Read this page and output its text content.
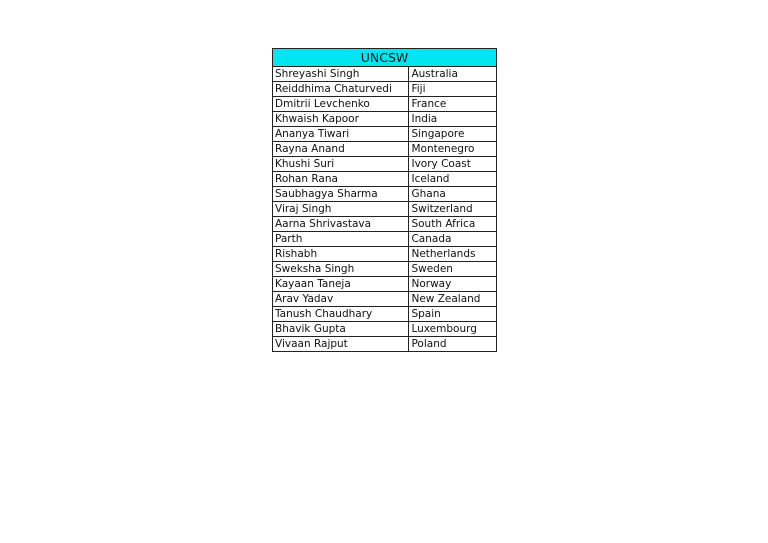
UNCSW	
Shreyashi Singh	Australia
Reiddhima Chaturvedi	Fiji
Dmitrii Levchenko	France
Khwaish Kapoor	India
Ananya Tiwari	Singapore
Rayna Anand	Montenegro
Khushi Suri	Ivory Coast
Rohan Rana	Iceland
Saubhagya Sharma	Ghana
Viraj Singh	Switzerland
Aarna Shrivastava	South Africa
Parth	Canada
Rishabh	Netherlands
Sweksha Singh	Sweden
Kayaan Taneja	Norway
Arav Yadav	New Zealand
Tanush Chaudhary	Spain
Bhavik Gupta	Luxembourg
Vivaan Rajput	Poland
